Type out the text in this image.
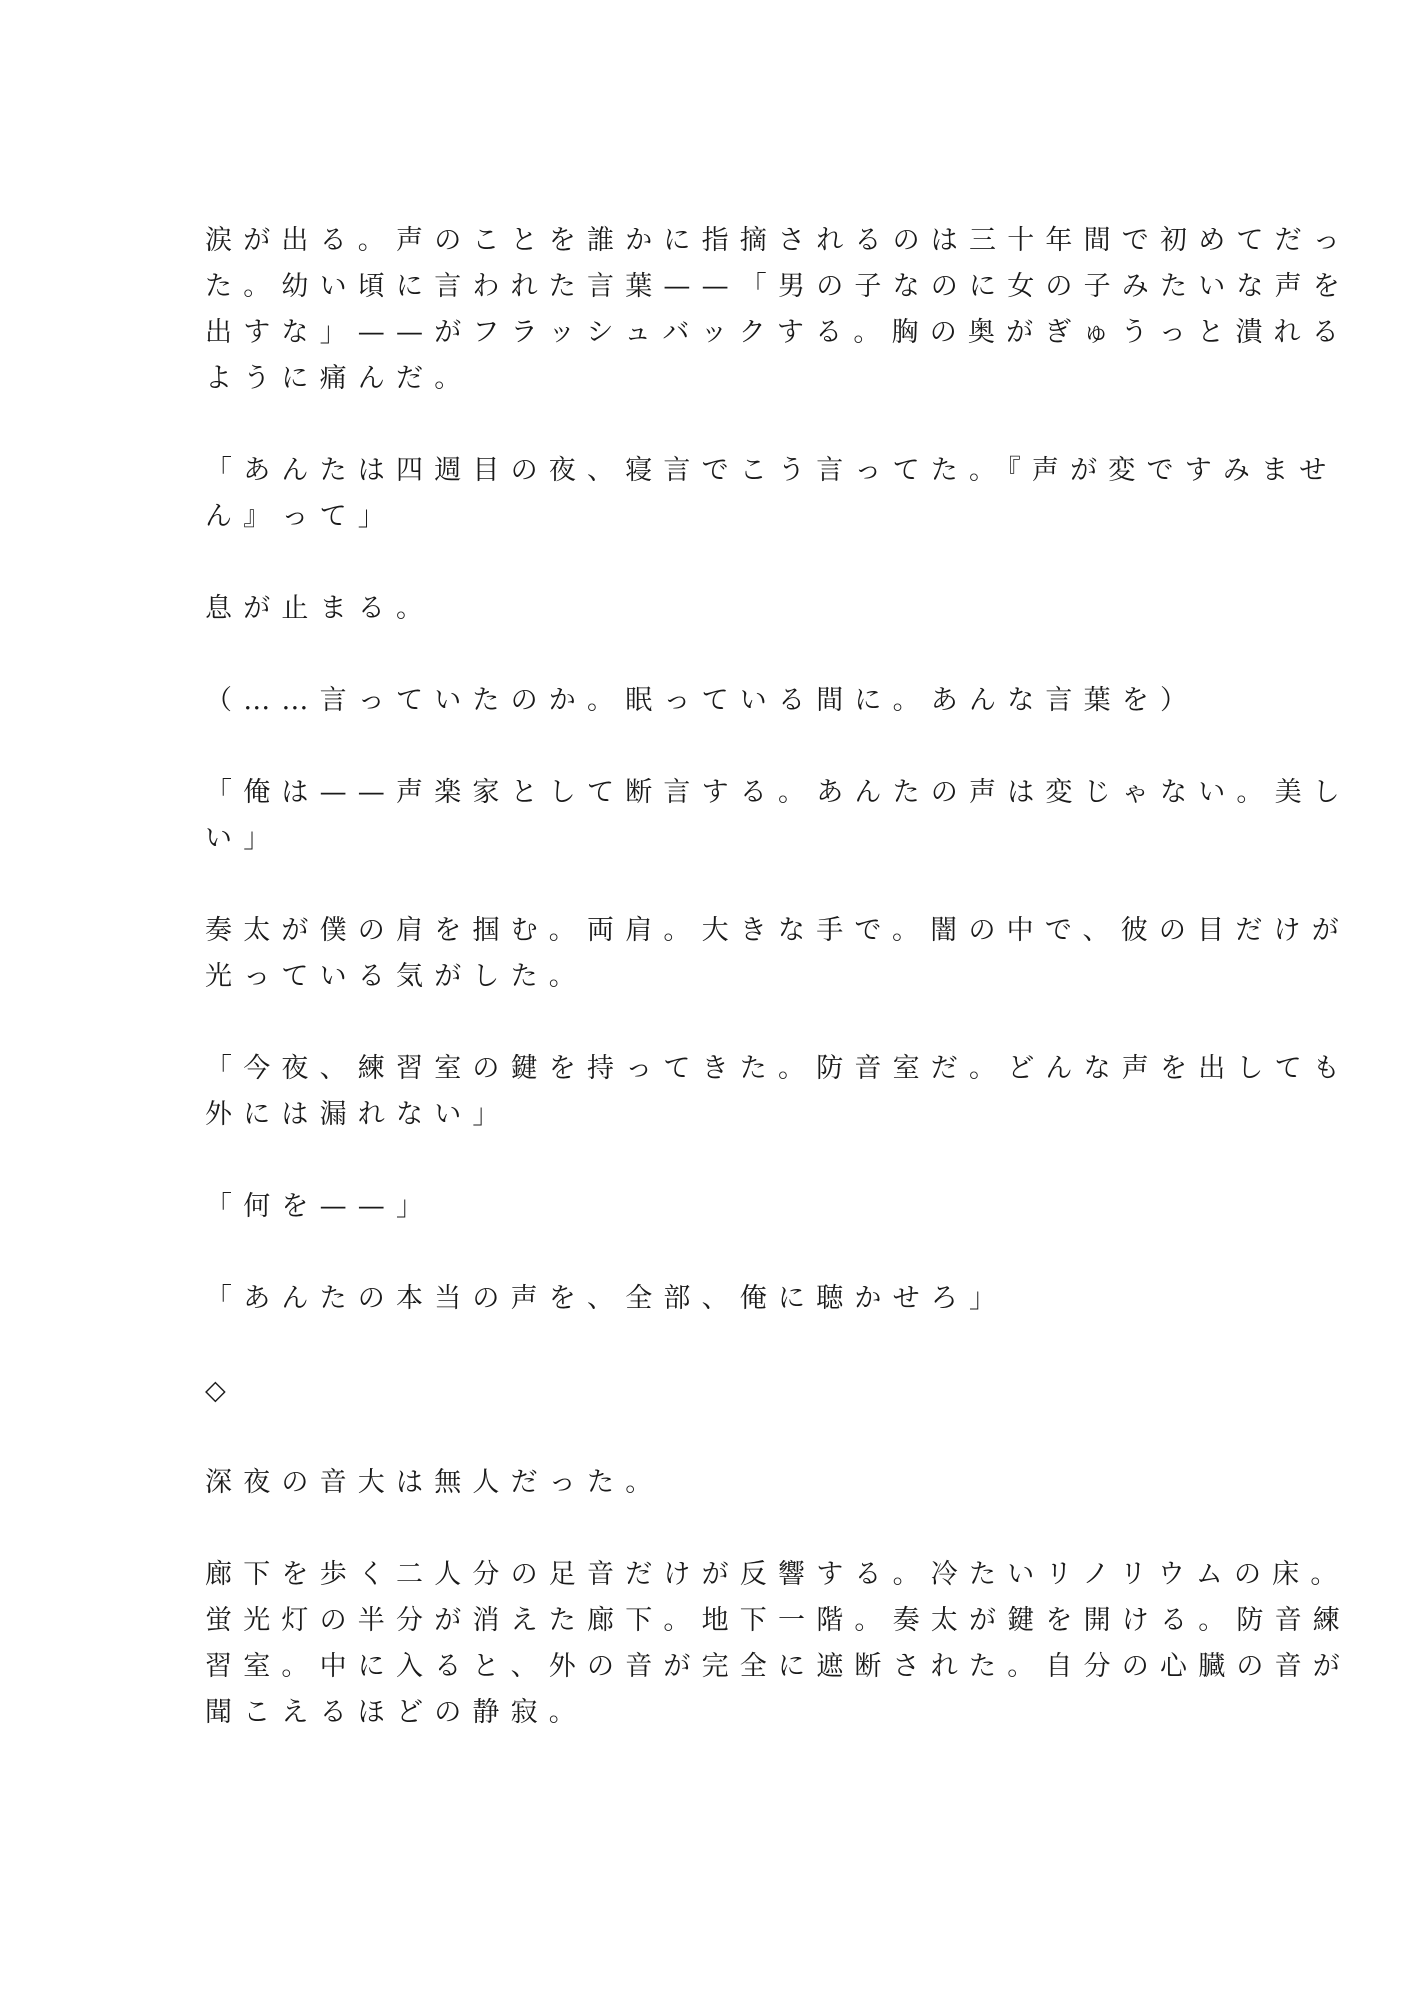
涙が出る。声のことを誰かに指摘されるのは三十年間で初めてだっ
た。幼い頃に言われた言葉——「男の子なのに女の子みたいな声を
出すな」——がフラッシュバックする。胸の奥がぎゅうっと潰れる
ように痛んだ。

「あんたは四週目の夜、寝言でこう言ってた。『声が変ですみませ
ん』って」

息が止まる。

（……言っていたのか。眠っている間に。あんな言葉を）

「俺は——声楽家として断言する。あんたの声は変じゃない。美し
い」

奏太が僕の肩を掴む。両肩。大きな手で。闇の中で、彼の目だけが
光っている気がした。

「今夜、練習室の鍵を持ってきた。防音室だ。どんな声を出しても
外には漏れない」

「何を——」

「あんたの本当の声を、全部、俺に聴かせろ」

◇

深夜の音大は無人だった。

廊下を歩く二人分の足音だけが反響する。冷たいリノリウムの床。
蛍光灯の半分が消えた廊下。地下一階。奏太が鍵を開ける。防音練
習室。中に入ると、外の音が完全に遮断された。自分の心臓の音が
聞こえるほどの静寂。
